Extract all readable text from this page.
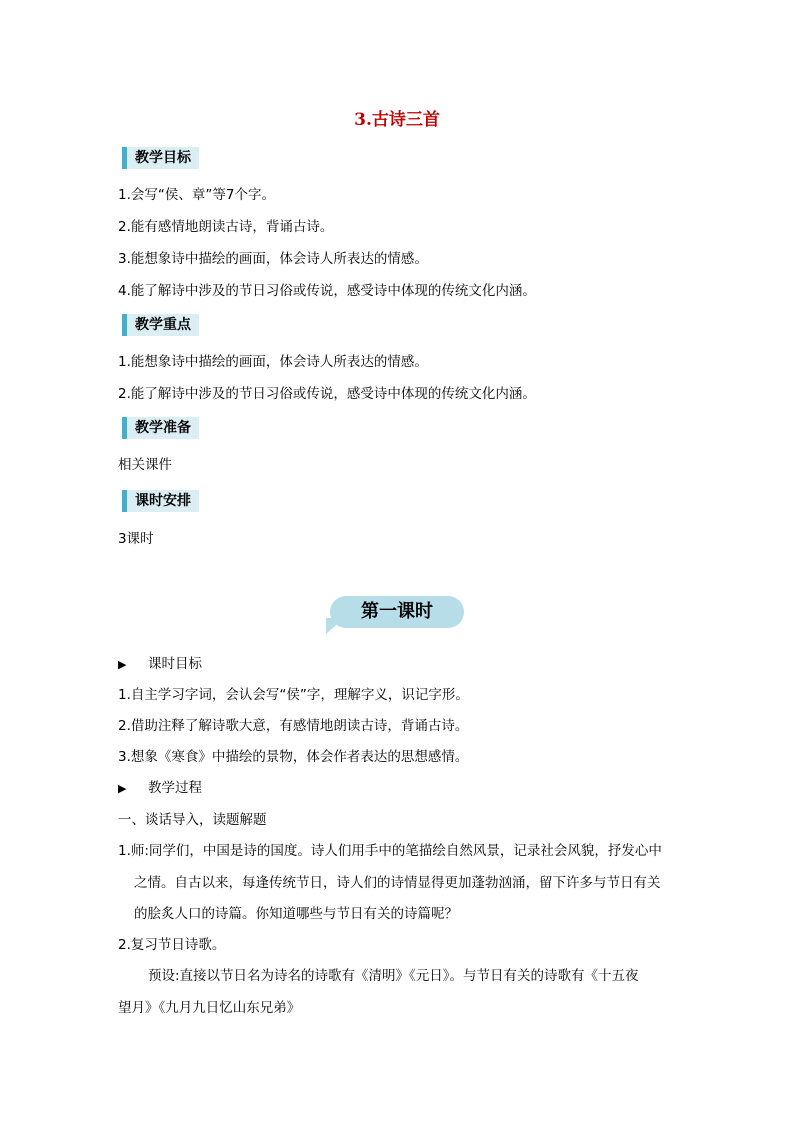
3.古诗三首
教学目标
1.会写“侯、章”等7个字。
2.能有感情地朗读古诗，背诵古诗。
3.能想象诗中描绘的画面，体会诗人所表达的情感。
4.能了解诗中涉及的节日习俗或传说，感受诗中体现的传统文化内涵。
教学重点
1.能想象诗中描绘的画面，体会诗人所表达的情感。
2.能了解诗中涉及的节日习俗或传说，感受诗中体现的传统文化内涵。
教学准备
相关课件
课时安排
3课时
第一课时
▶ 课时目标
1.自主学习字词，会认会写“侯”字，理解字义，识记字形。
2.借助注释了解诗歌大意，有感情地朗读古诗，背诵古诗。
3.想象《寒食》中描绘的景物，体会作者表达的思想感情。
▶ 教学过程
一、谈话导入，读题解题
1.师:同学们，中国是诗的国度。诗人们用手中的笔描绘自然风景，记录社会风貌，抒发心中
之情。自古以来，每逢传统节日，诗人们的诗情显得更加蓬勃汹涌，留下许多与节日有关
的脍炙人口的诗篇。你知道哪些与节日有关的诗篇呢？
2.复习节日诗歌。
预设:直接以节日名为诗名的诗歌有《清明》《元日》。与节日有关的诗歌有《十五夜
望月》《九月九日忆山东兄弟》
